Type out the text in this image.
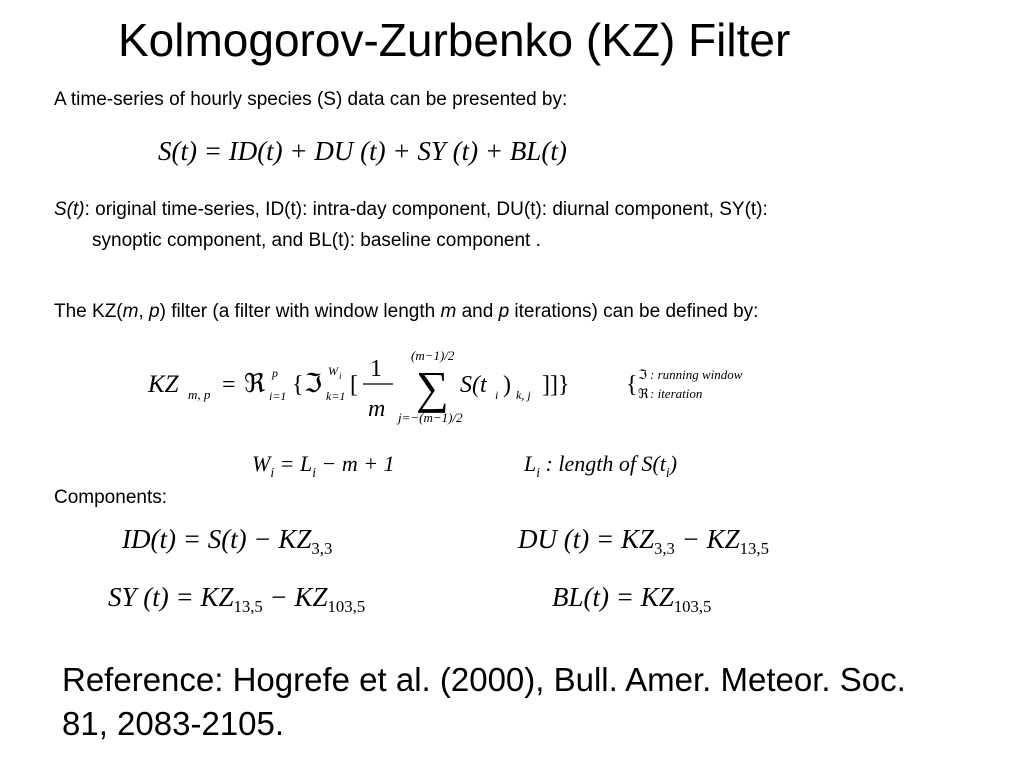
Kolmogorov-Zurbenko (KZ) Filter
A time-series of hourly species (S) data can be presented by:
S(t) = ID(t) + DU (t) + SY (t) + BL(t)
S(t): original time-series, ID(t): intra-day component, DU(t): diurnal component, SY(t):
synoptic component, and BL(t): baseline component .
The KZ(m, p) filter (a filter with window length m and p iterations) can be defined by:
KZ m, p = ℜ p
i=1 { ℑ W i
k=1 [
1
m
(m−1)/2
∑
j=−(m−1)/2
S(t i ) k, j ]]} { ℑ : running window
ℜ : iteration
$W_i = L_i - m + 1$	$L_i$ : length of $S(t_i)$
Components:
$ID(t) = S(t) - KZ_{3,3}$	DU $(t) = KZ_{3,3} - KZ_{13,5}$
SY $(t) = KZ_{13,5} - KZ_{103,5}$	$BL(t) = KZ_{103,5}$
Reference: Hogrefe et al. (2000), Bull. Amer. Meteor. Soc. 81, 2083-2105.
